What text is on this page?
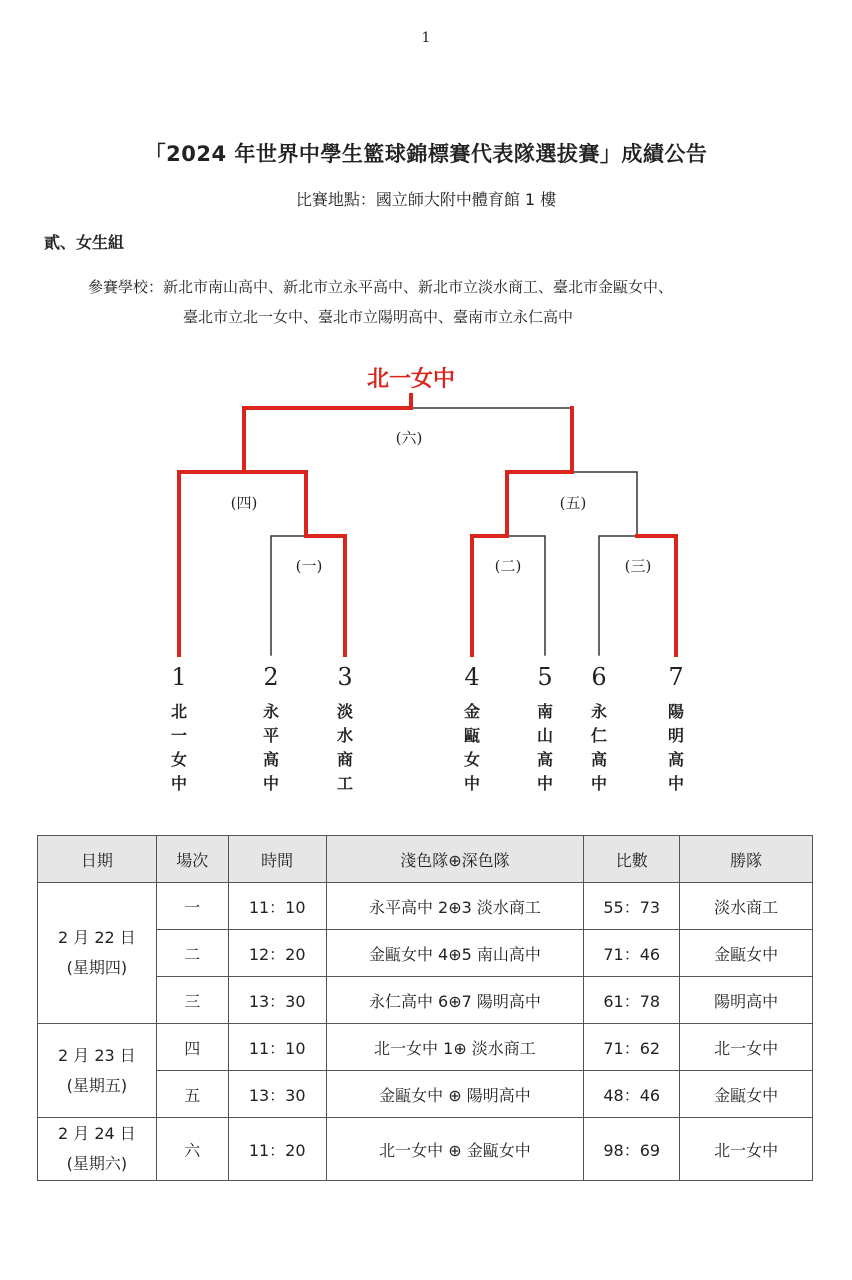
1
「2024 年世界中學生籃球錦標賽代表隊選拔賽」成績公告
比賽地點：國立師大附中體育館 1 樓
貳、女生組
參賽學校：新北市南山高中、新北市立永平高中、新北市立淡水商工、臺北市金甌女中、
臺北市立北一女中、臺北市立陽明高中、臺南市立永仁高中
北一女中
(一)	(二)	(三)
(四)	(五)
(六)
1	2	3	4	5	6	7
北
一
女
中
永
平
高
中
淡
水
商
工
金
甌
女
中
南
山
高
中
永
仁
高
中
陽
明
高
中
日期	場次	時間	淺色隊⊕深色隊	比數	勝隊

2 月 22 日
(星期四)	一	11：10	永平高中 2⊕3 淡水商工	55：73	淡水商工
	二	12：20	金甌女中 4⊕5 南山高中	71：46	金甌女中
	三	13：30	永仁高中 6⊕7 陽明高中	61：78	陽明高中

2 月 23 日
(星期五)	四	11：10	北一女中 1⊕ 淡水商工	71：62	北一女中
	五	13：30	金甌女中 ⊕ 陽明高中	48：46	金甌女中

2 月 24 日
(星期六)	六	11：20	北一女中 ⊕ 金甌女中	98：69	北一女中
